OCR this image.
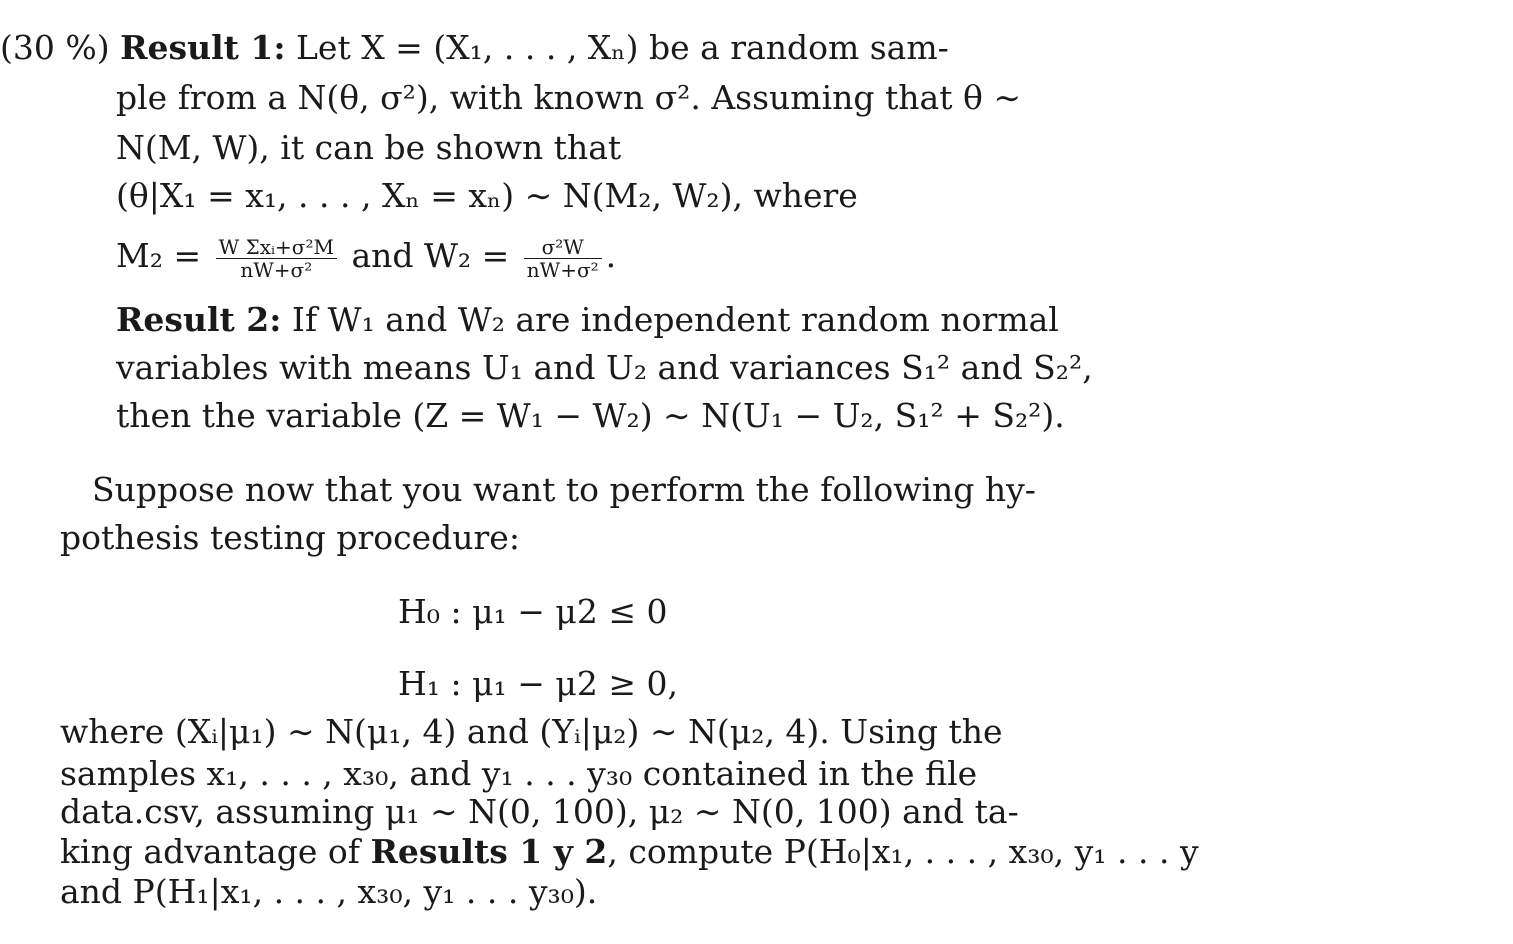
(30 %) Result 1: Let X = (X₁, . . . , Xₙ) be a random sam-
ple from a N(θ, σ²), with known σ². Assuming that θ ∼
N(M, W), it can be shown that
(θ|X₁ = x₁, . . . , Xₙ = xₙ) ∼ N(M₂, W₂), where
$M_2 = \frac{\text{W Σxᵢ+σ²M}}{\text{nW+σ²}}$ and $W_2 = \frac{\text{σ²W}}{\text{nW+σ²}}$ .
Result 2: If W₁ and W₂ are independent random normal
variables with means U₁ and U₂ and variances S₁² and S₂²,
then the variable (Z = W₁ − W₂) ∼ N(U₁ − U₂, S₁² + S₂²).
Suppose now that you want to perform the following hy-
pothesis testing procedure:
H₀ : μ₁ − μ2 ≤ 0
H₁ : μ₁ − μ2 ≥ 0,
where (Xᵢ|μ₁) ∼ N(μ₁, 4) and (Yᵢ|μ₂) ∼ N(μ₂, 4). Using the
samples x₁, . . . , x₃₀, and y₁ . . . y₃₀ contained in the file
data.csv, assuming μ₁ ∼ N(0, 100), μ₂ ∼ N(0, 100) and ta-
king advantage of Results 1 y 2, compute P(H₀|x₁, . . . , x₃₀, y₁ . . . y
and P(H₁|x₁, . . . , x₃₀, y₁ . . . y₃₀).
